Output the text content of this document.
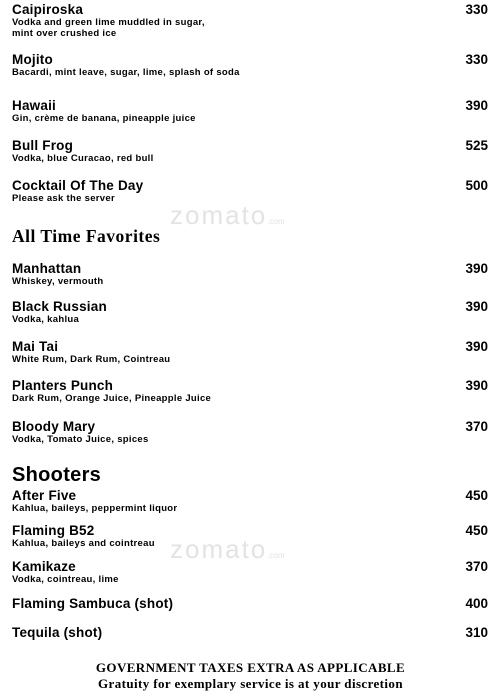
zomato.com
zomato.com
Caipiroska	330
Vodka and green lime muddled in sugar,
mint over crushed ice
Mojito	330
Bacardi, mint leave, sugar, lime, splash of soda
Hawaii	390
Gin, crème de banana, pineapple juice
Bull Frog	525
Vodka, blue Curacao, red bull
Cocktail Of The Day	500
Please ask the server
All Time Favorites
Manhattan	390
Whiskey, vermouth
Black Russian	390
Vodka, kahlua
Mai Tai	390
White Rum, Dark Rum, Cointreau
Planters Punch	390
Dark Rum, Orange Juice, Pineapple Juice
Bloody Mary	370
Vodka, Tomato Juice, spices
Shooters
After Five	450
Kahlua, baileys, peppermint liquor
Flaming B52	450
Kahlua, baileys and cointreau
Kamikaze	370
Vodka, cointreau, lime
Flaming Sambuca (shot)	400
Tequila (shot)	310
GOVERNMENT TAXES EXTRA AS APPLICABLE
Gratuity for exemplary service is at your discretion
